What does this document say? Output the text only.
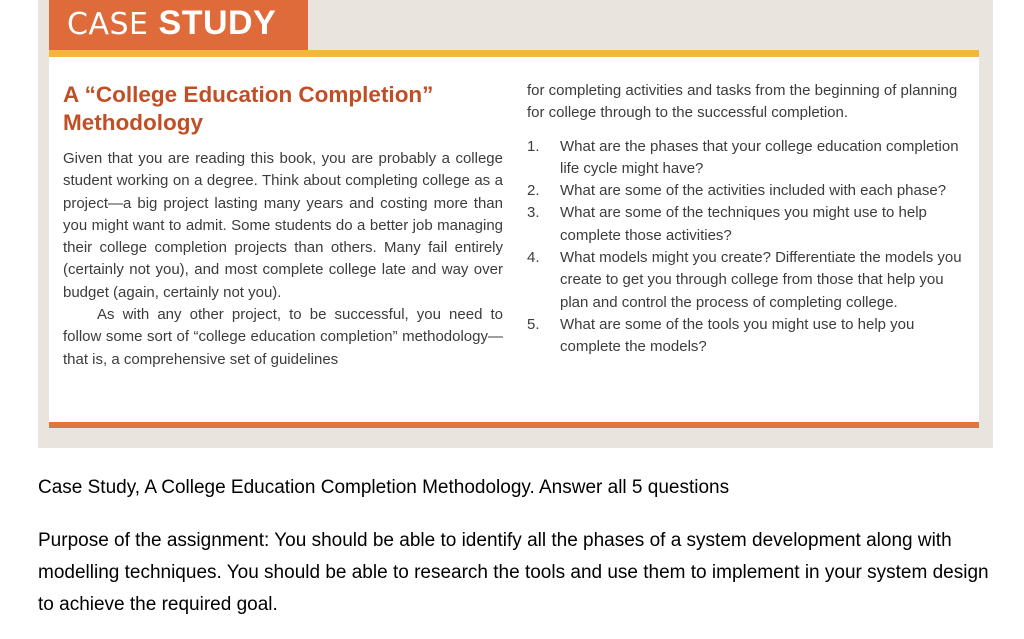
CASE STUDY
A “College Education Completion” Methodology

Given that you are reading this book, you are probably a college student working on a degree. Think about completing college as a project—a big project lasting many years and costing more than you might want to admit. Some students do a better job managing their college completion projects than others. Many fail entirely (certainly not you), and most complete college late and way over budget (again, certainly not you).

As with any other project, to be successful, you need to follow some sort of “college education completion” methodology—that is, a comprehensive set of guidelines

for completing activities and tasks from the beginning of planning for college through to the successful completion.

1.	What are the phases that your college education completion life cycle might have?
2.	What are some of the activities included with each phase?
3.	What are some of the techniques you might use to help complete those activities?
4.	What models might you create? Differentiate the models you create to get you through college from those that help you plan and control the process of completing college.
5.	What are some of the tools you might use to help you complete the models?
Case Study, A College Education Completion Methodology. Answer all 5 questions
Purpose of the assignment: You should be able to identify all the phases of a system development along with modelling techniques. You should be able to research the tools and use them to implement in your system design to achieve the required goal.
